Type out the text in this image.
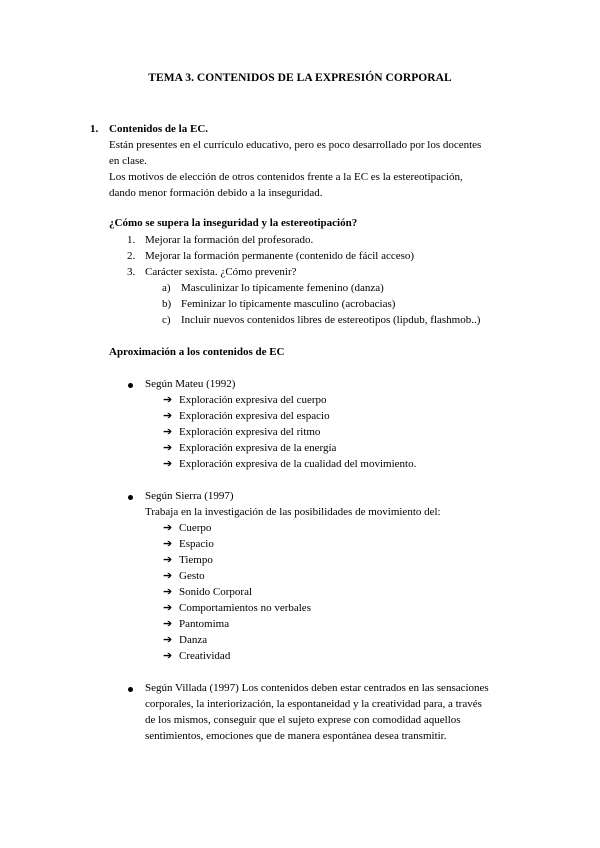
TEMA 3. CONTENIDOS DE LA EXPRESIÓN CORPORAL
1. Contenidos de la EC.
Están presentes en el currículo educativo, pero es poco desarrollado por los docentes
en clase.
Los motivos de elección de otros contenidos frente a la EC es la estereotipación,
dando menor formación debido a la inseguridad.
¿Cómo se supera la inseguridad y la estereotipación?
1. Mejorar la formación del profesorado.
2. Mejorar la formación permanente (contenido de fácil acceso)
3. Carácter sexista. ¿Cómo prevenir?
a) Masculinizar lo típicamente femenino (danza)
b) Feminizar lo típicamente masculino (acrobacias)
c) Incluir nuevos contenidos libres de estereotipos (lipdub, flashmob..)
Aproximación a los contenidos de EC
Según Mateu (1992)
➔ Exploración expresiva del cuerpo
➔ Exploración expresiva del espacio
➔ Exploración expresiva del ritmo
➔ Exploración expresiva de la energía
➔ Exploración expresiva de la cualidad del movimiento.
Según Sierra (1997)
Trabaja en la investigación de las posibilidades de movimiento del:
➔ Cuerpo
➔ Espacio
➔ Tiempo
➔ Gesto
➔ Sonido Corporal
➔ Comportamientos no verbales
➔ Pantomima
➔ Danza
➔ Creatividad
Según Villada (1997) Los contenidos deben estar centrados en las sensaciones
corporales, la interiorización, la espontaneidad y la creatividad para, a través
de los mismos, conseguir que el sujeto exprese con comodidad aquellos
sentimientos, emociones que de manera espontánea desea transmitir.
